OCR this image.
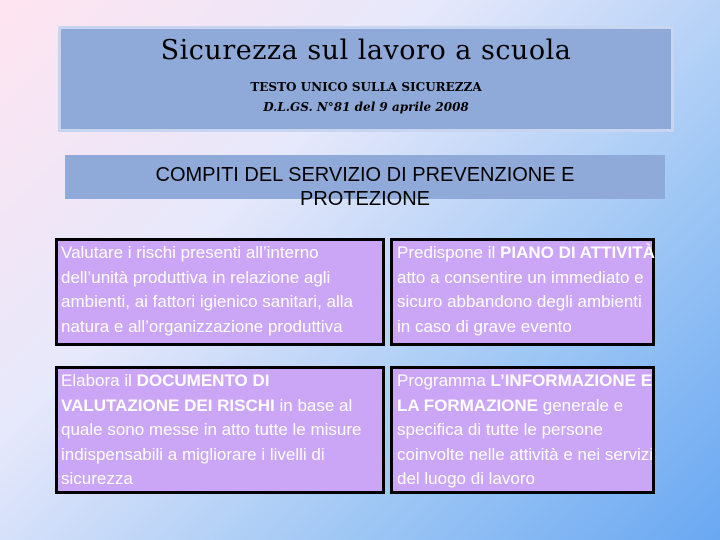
Sicurezza sul lavoro a scuola
TESTO UNICO SULLA SICUREZZA
D.L.GS. N°81 del 9 aprile 2008
COMPITI DEL SERVIZIO DI PREVENZIONE E
PROTEZIONE
Valutare i rischi presenti all’interno dell’unità produttiva in relazione agli ambienti, ai fattori igienico sanitari, alla natura e all’organizzazione produttiva
Elabora il DOCUMENTO DI VALUTAZIONE DEI RISCHI in base al quale sono messe in atto tutte le misure indispensabili a migliorare i livelli di sicurezza
Predispone il PIANO DI ATTIVITÀ atto a consentire un immediato e sicuro abbandono degli ambienti in caso di grave evento
Programma L’INFORMAZIONE E LA FORMAZIONE generale e specifica di tutte le persone coinvolte nelle attività e nei servizi del luogo di lavoro
